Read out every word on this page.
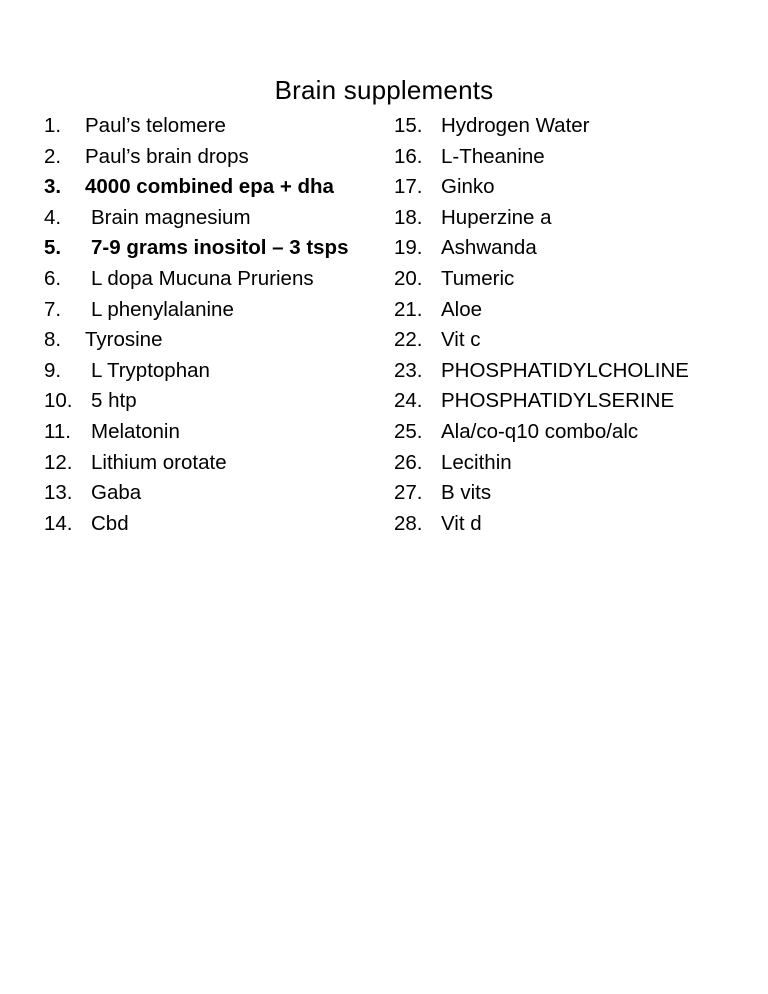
Brain supplements
1. Paul’s telomere
2. Paul’s brain drops
3. 4000 combined epa + dha
4. Brain magnesium
5. 7-9 grams inositol – 3 tsps
6. L dopa Mucuna Pruriens
7. L phenylalanine
8. Tyrosine
9. L Tryptophan
10. 5 htp
11. Melatonin
12. Lithium orotate
13. Gaba
14. Cbd
15. Hydrogen Water
16. L-Theanine
17. Ginko
18. Huperzine a
19. Ashwanda
20. Tumeric
21. Aloe
22. Vit c
23. PHOSPHATIDYLCHOLINE
24. PHOSPHATIDYLSERINE
25. Ala/co-q10 combo/alc
26. Lecithin
27. B vits
28. Vit d
